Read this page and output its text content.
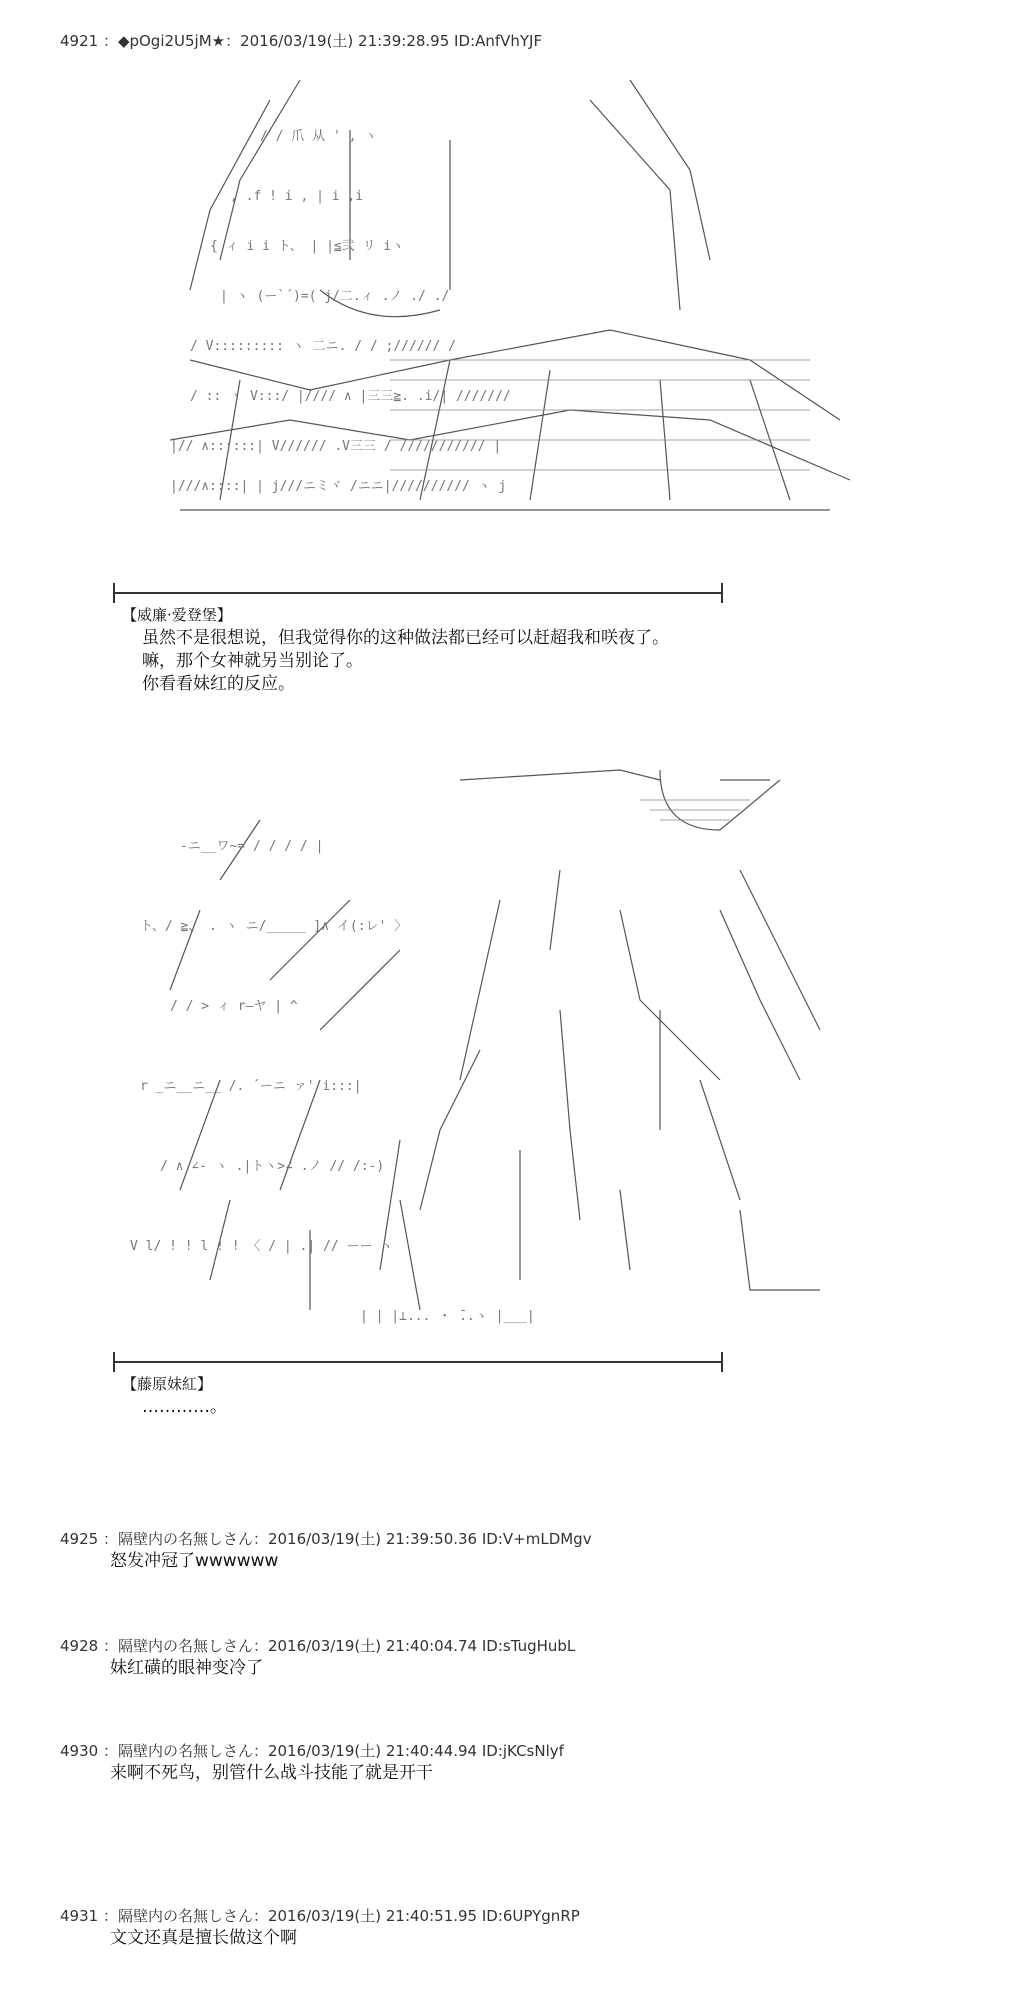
4921 ：◆pOgi2U5jM★：2016/03/19(土) 21:39:28.95 ID:AnfVhYJF
/ / 爪 从 ' , ヽ
, .f ! i , | i ,i
{ ィ i i ト、 | |≦弐 リ iヽ
| ヽ (ー`´)=( j/二.ィ .ノ ./ ./
/ V::::::::: ヽ 二ニ. / / ;////// /
/ :: ヽ V:::/ |//// ∧ |三三≧. .i/| ///////
|// ∧::::::| V////// .V三三 / /////////// |
|///∧::::| | j///ニミヾ /ニニ|////////// ヽ j
【威廉·爱登堡】
虽然不是很想说，但我觉得你的这种做法都已经可以赶超我和咲夜了。
嘛，那个女神就另当别论了。
你看看妹红的反应。
-ニ__ワ~= / / / / |
ト、/ ≧、 . ヽ ニ/_____ ]∧ イ(:レ' 〉
/ / > ィ r―ヤ | ^
r _ニ__ニ__ /. ´ーニ ァ' i:::|
/ ∧ ∠- ヽ .|トヽ>∠ .ノ // /:-)
V l/ ! ! l ! ! 〈 / | .| // ーー ヽ
| | |⊥... ・ ̄..ヽ |___|
【藤原妹紅】
…………。
4925 ：隔壁内の名無しさん：2016/03/19(土) 21:39:50.36 ID:V+mLDMgv
怒发冲冠了wwwwww
4928 ：隔壁内の名無しさん：2016/03/19(土) 21:40:04.74 ID:sTugHubL
妹红磺的眼神变冷了
4930 ：隔壁内の名無しさん：2016/03/19(土) 21:40:44.94 ID:jKCsNlyf
来啊不死鸟，别管什么战斗技能了就是开干
4931 ：隔壁内の名無しさん：2016/03/19(土) 21:40:51.95 ID:6UPYgnRP
文文还真是擅长做这个啊
